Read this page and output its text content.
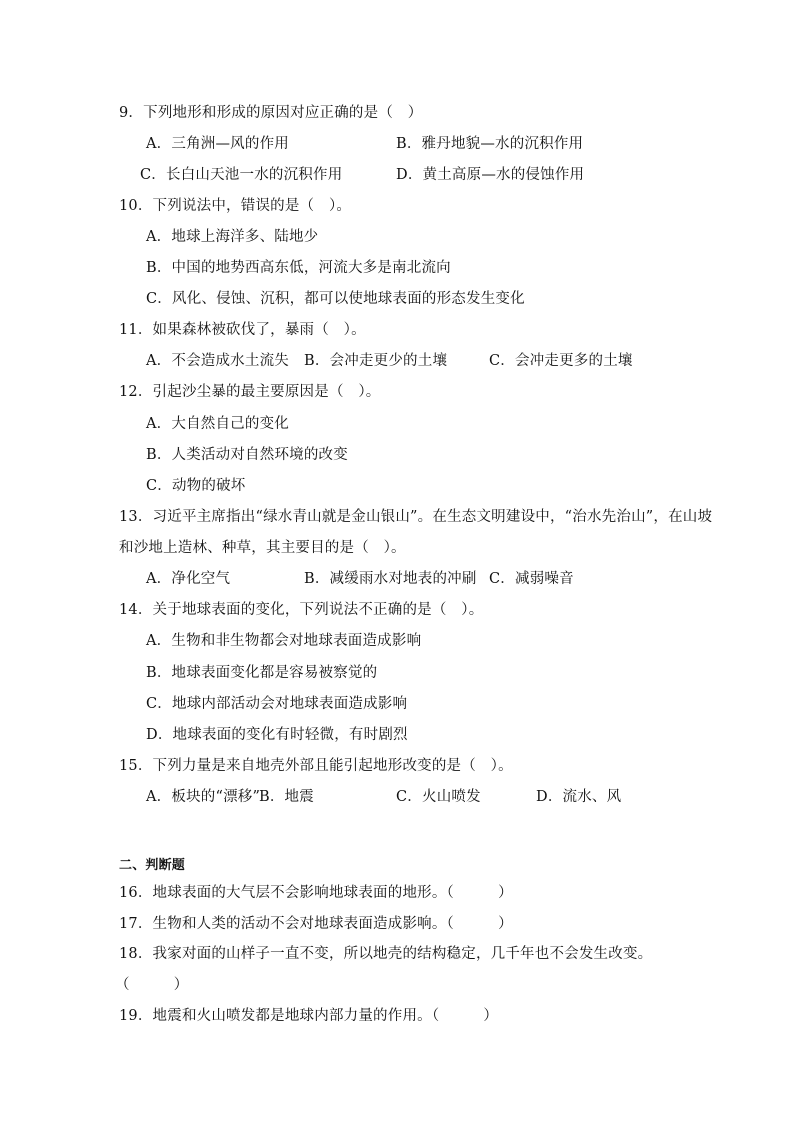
9．下列地形和形成的原因对应正确的是（　）
A．三角洲—风的作用	B．雅丹地貌—水的沉积作用
C．长白山天池一水的沉积作用	D．黄土高原—水的侵蚀作用
10．下列说法中，错误的是（　）。
A．地球上海洋多、陆地少
B．中国的地势西高东低，河流大多是南北流向
C．风化、侵蚀、沉积，都可以使地球表面的形态发生变化
11．如果森林被砍伐了，暴雨（　）。
A．不会造成水土流失 B．会冲走更少的土壤	C．会冲走更多的土壤
12．引起沙尘暴的最主要原因是（　）。
A．大自然自己的变化
B．人类活动对自然环境的改变
C．动物的破坏
13．习近平主席指出“绿水青山就是金山银山”。在生态文明建设中，“治水先治山”，在山坡
和沙地上造林、种草，其主要目的是（　）。
A．净化空气	B．减缓雨水对地表的冲刷 C．减弱噪音
14．关于地球表面的变化，下列说法不正确的是（　）。
A．生物和非生物都会对地球表面造成影响
B．地球表面变化都是容易被察觉的
C．地球内部活动会对地球表面造成影响
D．地球表面的变化有时轻微，有时剧烈
15．下列力量是来自地壳外部且能引起地形改变的是（　）。
A．板块的“漂移”
B．地震	C．火山喷发	D．流水、风
二、判断题
16．地球表面的大气层不会影响地球表面的地形。（　　　）
17．生物和人类的活动不会对地球表面造成影响。（　　　）
18．我家对面的山样子一直不变，所以地壳的结构稳定，几千年也不会发生改变。
（　　　）
19．地震和火山喷发都是地球内部力量的作用。（　　　）
